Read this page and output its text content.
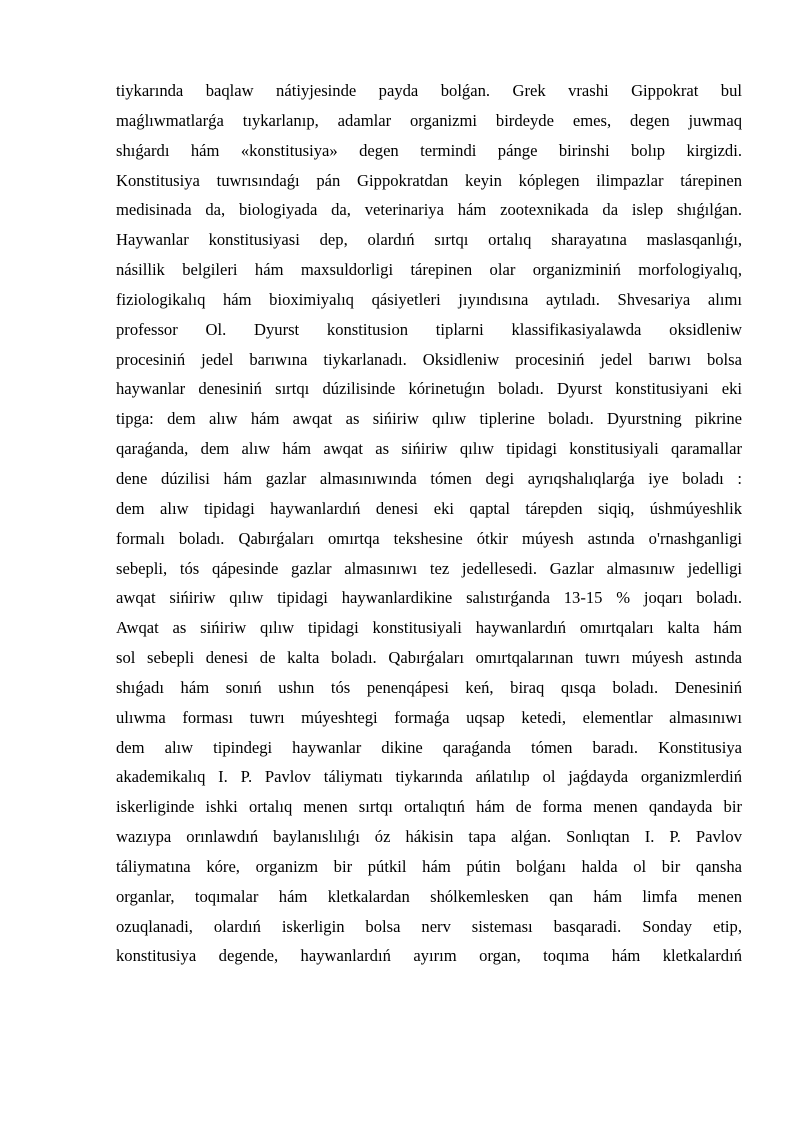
tiykarında baqlaw nátiyjesinde payda bolǵan. Grek vrashi Gippokrat bul
maǵlıwmatlarǵa tıykarlanıp, adamlar organizmi birdeyde emes, degen juwmaq
shıǵardı hám «konstitusiya» degen termindi pánge birinshi bolıp kirgizdi.
Konstitusiya tuwrısındaǵı pán Gippokratdan keyin kóplegen ilimpazlar tárepinen
medisinada da, biologiyada da, veterinariya hám zootexnikada da islep shıǵılǵan.
Haywanlar konstitusiyasi dep, olardıń sırtqı ortalıq sharayatına maslasqanlıǵı,
násillik belgileri hám maxsuldorligi tárepinen olar organizminiń morfologiyalıq,
fiziologikalıq hám bioximiyalıq qásiyetleri jıyındısına aytıladı. Shvesariya alımı
professor Ol. Dyurst konstitusion tiplarni klassifikasiyalawda oksidleniw
procesiniń jedel barıwına tiykarlanadı. Oksidleniw procesiniń jedel barıwı bolsa
haywanlar denesiniń sırtqı dúzilisinde kórinetuǵın boladı. Dyurst konstitusiyani eki
tipga: dem alıw hám awqat as sińiriw qılıw tiplerine boladı. Dyurstning pikrine
qaraǵanda, dem alıw hám awqat as sińiriw qılıw tipidagi konstitusiyali qaramallar
dene dúzilisi hám gazlar almasınıwında tómen degi ayrıqshalıqlarǵa iye boladı :
dem alıw tipidagi haywanlardıń denesi eki qaptal tárepden siqiq, úshmúyeshlik
formalı boladı. Qabırǵaları omırtqa tekshesine ótkir múyesh astında o'rnashganligi
sebepli, tós qápesinde gazlar almasınıwı tez jedellesedi. Gazlar almasınıw jedelligi
awqat sińiriw qılıw tipidagi haywanlardikine salıstırǵanda 13-15 % joqarı boladı.
Awqat as sińiriw qılıw tipidagi konstitusiyali haywanlardıń omırtqaları kalta hám
sol sebepli denesi de kalta boladı. Qabırǵaları omırtqalarınan tuwrı múyesh astında
shıǵadı hám sonıń ushın tós penenqápesi keń, biraq qısqa boladı. Denesiniń
ulıwma forması tuwrı múyeshtegi formaǵa uqsap ketedi, elementlar almasınıwı
dem alıw tipindegi haywanlar dikine qaraǵanda tómen baradı. Konstitusiya
akademikalıq I. P. Pavlov táliymatı tiykarında ańlatılıp ol jaǵdayda organizmlerdiń
iskerliginde ishki ortalıq menen sırtqı ortalıqtıń hám de forma menen qandayda bir
wazıypa orınlawdıń baylanıslılıǵı óz hákisin tapa alǵan. Sonlıqtan I. P. Pavlov
táliymatına kóre, organizm bir pútkil hám pútin bolǵanı halda ol bir qansha
organlar, toqımalar hám kletkalardan shólkemlesken qan hám limfa menen
ozuqlanadi, olardıń iskerligin bolsa nerv sisteması basqaradi. Sonday etip,
konstitusiya degende, haywanlardıń ayırım organ, toqıma hám kletkalardıń
